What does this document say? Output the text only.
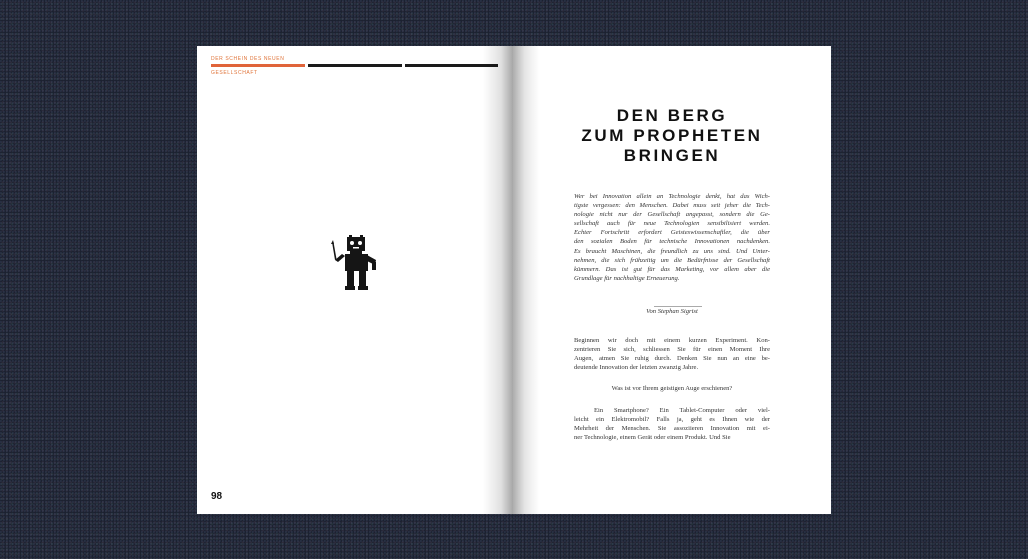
DER SCHEIN DES NEUEN
GESELLSCHAFT
98
DEN BERG
ZUM PROPHETEN
BRINGEN
Wer bei Innovation allein an Technologie denkt, hat das Wich-
tigste vergessen: den Menschen. Dabei muss seit jeher die Tech-
nologie nicht nur der Gesellschaft angepasst, sondern die Ge-
sellschaft auch für neue Technologien sensibilisiert werden.
Echter Fortschritt erfordert Geisteswissenschaftler, die über
den sozialen Boden für technische Innovationen nachdenken.
Es braucht Maschinen, die freundlich zu uns sind. Und Unter-
nehmen, die sich frühzeitig um die Bedürfnisse der Gesellschaft
kümmern. Das ist gut für das Marketing, vor allem aber die
Grundlage für nachhaltige Erneuerung.
Von Stephan Sigrist
Beginnen wir doch mit einem kurzen Experiment. Kon-
zentrieren Sie sich, schliessen Sie für einen Moment Ihre
Augen, atmen Sie ruhig durch. Denken Sie nun an eine be-
deutende Innovation der letzten zwanzig Jahre.
Was ist vor Ihrem geistigen Auge erschienen?
Ein Smartphone? Ein Tablet-Computer oder viel-
leicht ein Elektromobil? Falls ja, geht es Ihnen wie der
Mehrheit der Menschen. Sie assoziieren Innovation mit ei-
ner Technologie, einem Gerät oder einem Produkt. Und Sie
